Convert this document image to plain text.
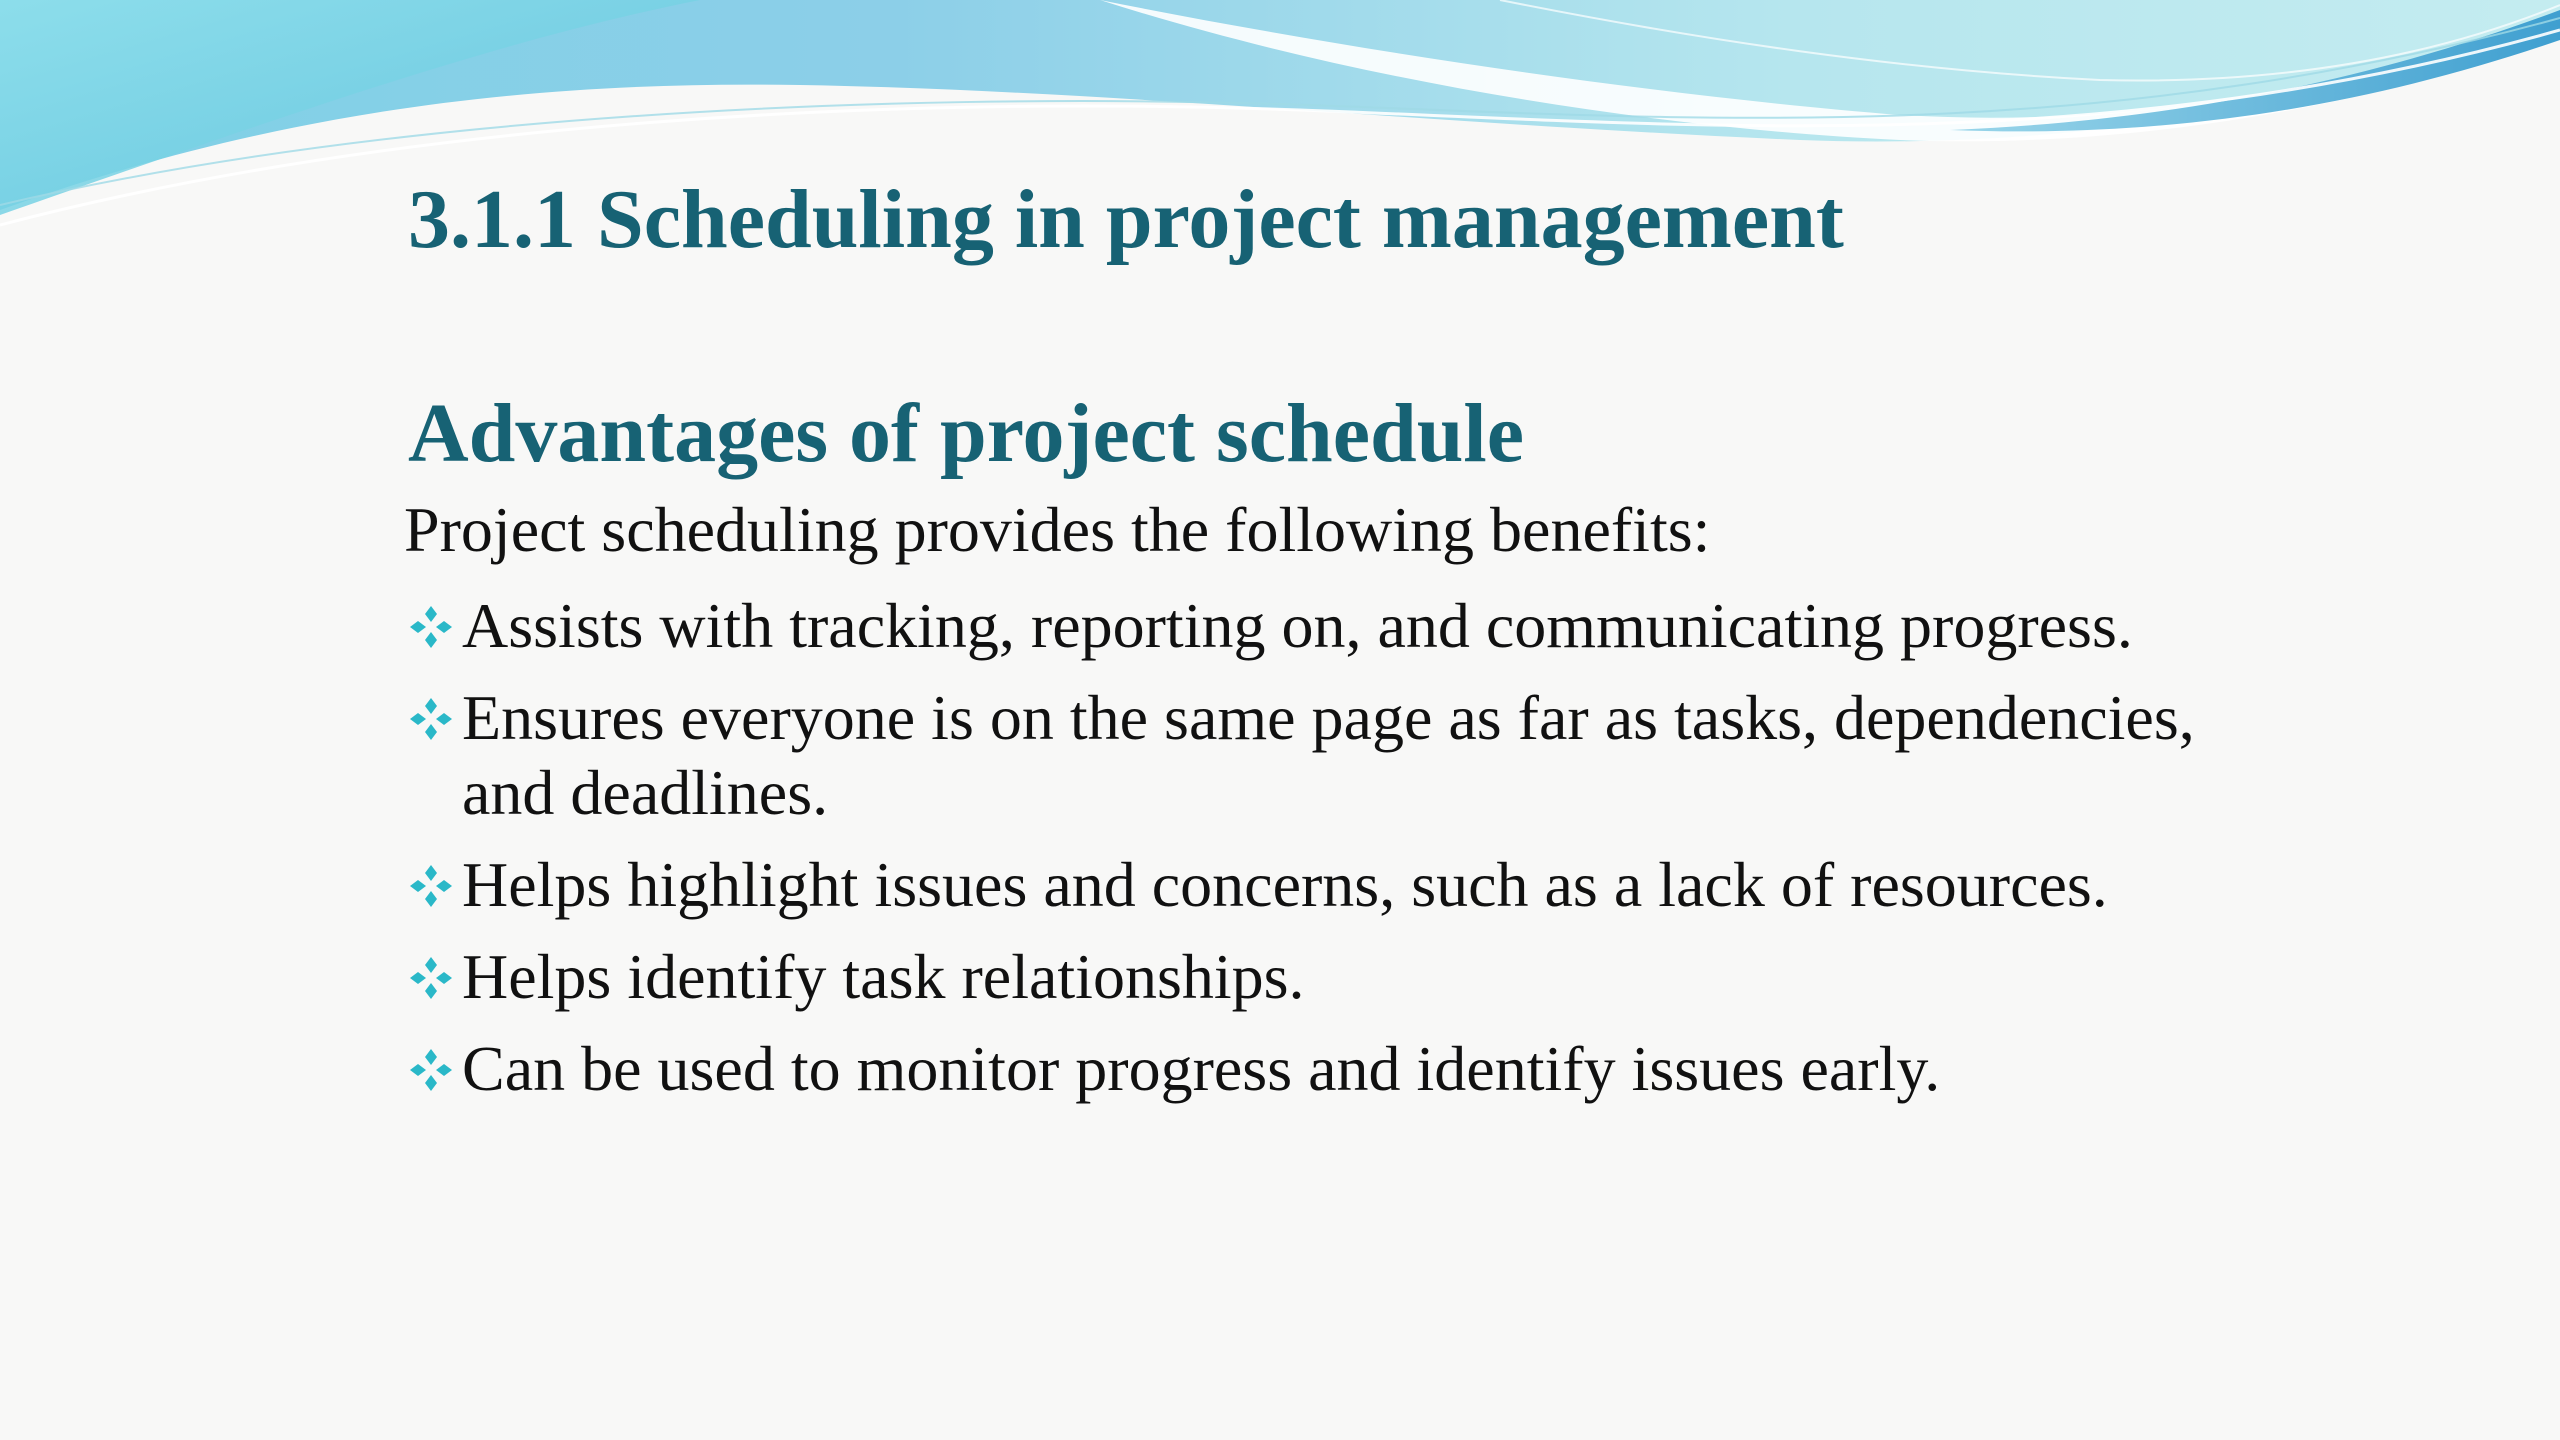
3.1.1 Scheduling in project management
Advantages of project schedule

Project scheduling provides the following benefits:

Assists with tracking, reporting on, and communicating progress.
Ensures everyone is on the same page as far as tasks, dependencies, and deadlines.
Helps highlight issues and concerns, such as a lack of resources.
Helps identify task relationships.
Can be used to monitor progress and identify issues early.
